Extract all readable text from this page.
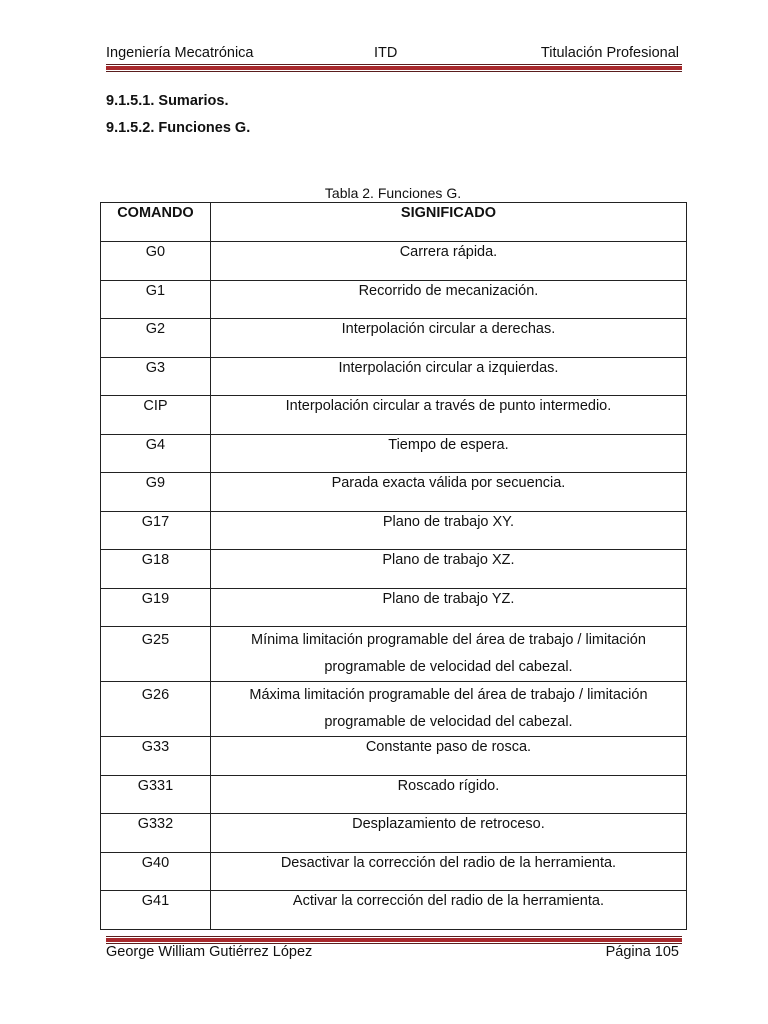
Ingeniería Mecatrónica	ITD	Titulación Profesional
9.1.5.1. Sumarios.
9.1.5.2. Funciones G.
Tabla 2. Funciones G.
COMANDO	SIGNIFICADO
G0	Carrera rápida.
G1	Recorrido de mecanización.
G2	Interpolación circular a derechas.
G3	Interpolación circular a izquierdas.
CIP	Interpolación circular a través de punto intermedio.
G4	Tiempo de espera.
G9	Parada exacta válida por secuencia.
G17	Plano de trabajo XY.
G18	Plano de trabajo XZ.
G19	Plano de trabajo YZ.
G25	Mínima limitación programable del área de trabajo / limitación programable de velocidad del cabezal.
G26	Máxima limitación programable del área de trabajo / limitación programable de velocidad del cabezal.
G33	Constante paso de rosca.
G331	Roscado rígido.
G332	Desplazamiento de retroceso.
G40	Desactivar la corrección del radio de la herramienta.
G41	Activar la corrección del radio de la herramienta.
George William Gutiérrez López	Página 105
